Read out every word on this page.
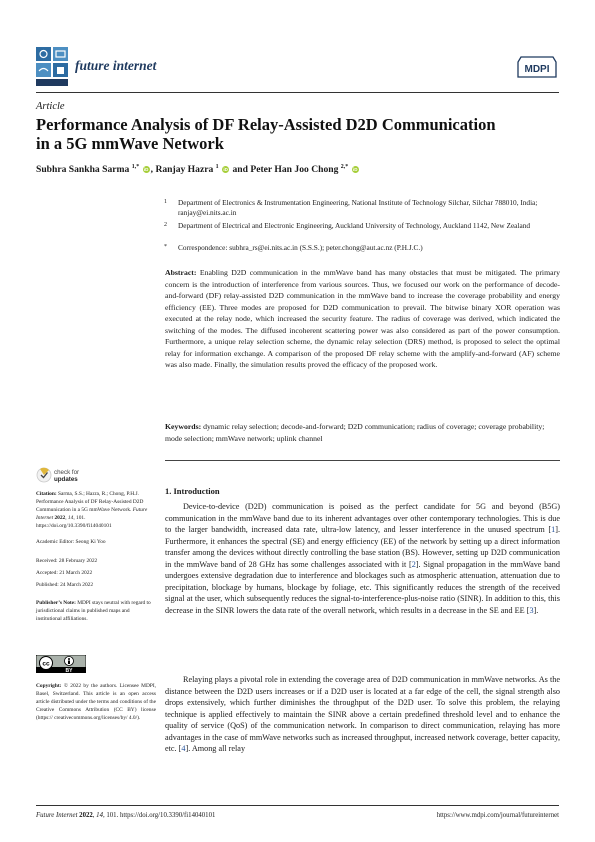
future internet	MDPI
Article
Performance Analysis of DF Relay-Assisted D2D Communication in a 5G mmWave Network
Subhra Sankha Sarma $^{1,*}$ iD , Ranjay Hazra $^1$ iD and Peter Han Joo Chong $^{2,*}$ iD
1 Department of Electronics & Instrumentation Engineering, National Institute of Technology Silchar, Silchar 788010, India; ranjay@ei.nits.ac.in
2 Department of Electrical and Electronic Engineering, Auckland University of Technology, Auckland 1142, New Zealand
* Correspondence: subhra_rs@ei.nits.ac.in (S.S.S.); peter.chong@aut.ac.nz (P.H.J.C.)
Abstract: Enabling D2D communication in the mmWave band has many obstacles that must be mitigated. The primary concern is the introduction of interference from various sources. Thus, we focused our work on the performance of decode-and-forward (DF) relay-assisted D2D communication in the mmWave band to increase the coverage probability and energy efficiency (EE). Three modes are proposed for D2D communication to prevail. The bitwise binary XOR operation was executed at the relay node, which increased the security feature. The radius of coverage was derived, which indicated the switching of the modes. The diffused incoherent scattering power was also considered as part of the power consumption. Furthermore, a unique relay selection scheme, the dynamic relay selection (DRS) method, is proposed to select the optimal relay for information exchange. A comparison of the proposed DF relay scheme with the amplify-and-forward (AF) scheme was also made. Finally, the simulation results proved the efficacy of the proposed work.
Keywords: dynamic relay selection; decode-and-forward; D2D communication; radius of coverage; coverage probability; mode selection; mmWave network; uplink channel
check for
updates
Citation: Sarma, S.S.; Hazra, R.; Chong, P.H.J. Performance Analysis of DF Relay-Assisted D2D Communication in a 5G mmWave Network. Future Internet 2022, 14, 101. https://doi.org/10.3390/fi14040101
Academic Editor: Seong Ki Yoo
Received: 28 February 2022
Accepted: 21 March 2022
Published: 24 March 2022
Publisher’s Note: MDPI stays neutral with regard to jurisdictional claims in published maps and institutional affiliations.
cc
BY
Copyright: © 2022 by the authors. Licensee MDPI, Basel, Switzerland. This article is an open access article distributed under the terms and conditions of the Creative Commons Attribution (CC BY) license (https:// creativecommons.org/licenses/by/ 4.0/).
1. Introduction
Device-to-device (D2D) communication is poised as the perfect candidate for 5G and beyond (B5G) communication in the mmWave band due to its inherent advantages over other contemporary technologies. This is due to the larger bandwidth, increased data rate, ultra-low latency, and lesser interference in the unused spectrum [1]. Furthermore, it enhances the spectral (SE) and energy efficiency (EE) of the network by setting up a direct information transfer among the devices without directly controlling the base station (BS). However, setting up D2D communication in the mmWave band of 28 GHz has some challenges associated with it [2]. Signal propagation in the mmWave band undergoes extensive degradation due to interference and blockages such as atmospheric attenuation, attenuation due to precipitation, blockage by humans, blockage by foliage, etc. This significantly reduces the strength of the received signal at the user, which subsequently reduces the signal-to-interference-plus-noise ratio (SINR). In addition to this, this decrease in the SINR lowers the data rate of the overall network, which results in a decrease in the SE and EE [3].
Relaying plays a pivotal role in extending the coverage area of D2D communication in mmWave networks. As the distance between the D2D users increases or if a D2D user is located at a far edge of the cell, the signal strength also drops extensively, which further diminishes the throughput of the D2D user. To solve this problem, the relaying technique is applied effectively to maintain the SINR above a certain predefined threshold level and to enhance the quality of service (QoS) of the communication network. In comparison to direct communication, relaying has more advantages in the case of mmWave networks such as increased throughput, increased network coverage, better capacity, etc. [4]. Among all relay
Future Internet 2022, 14, 101. https://doi.org/10.3390/fi14040101	https://www.mdpi.com/journal/futureinternet
